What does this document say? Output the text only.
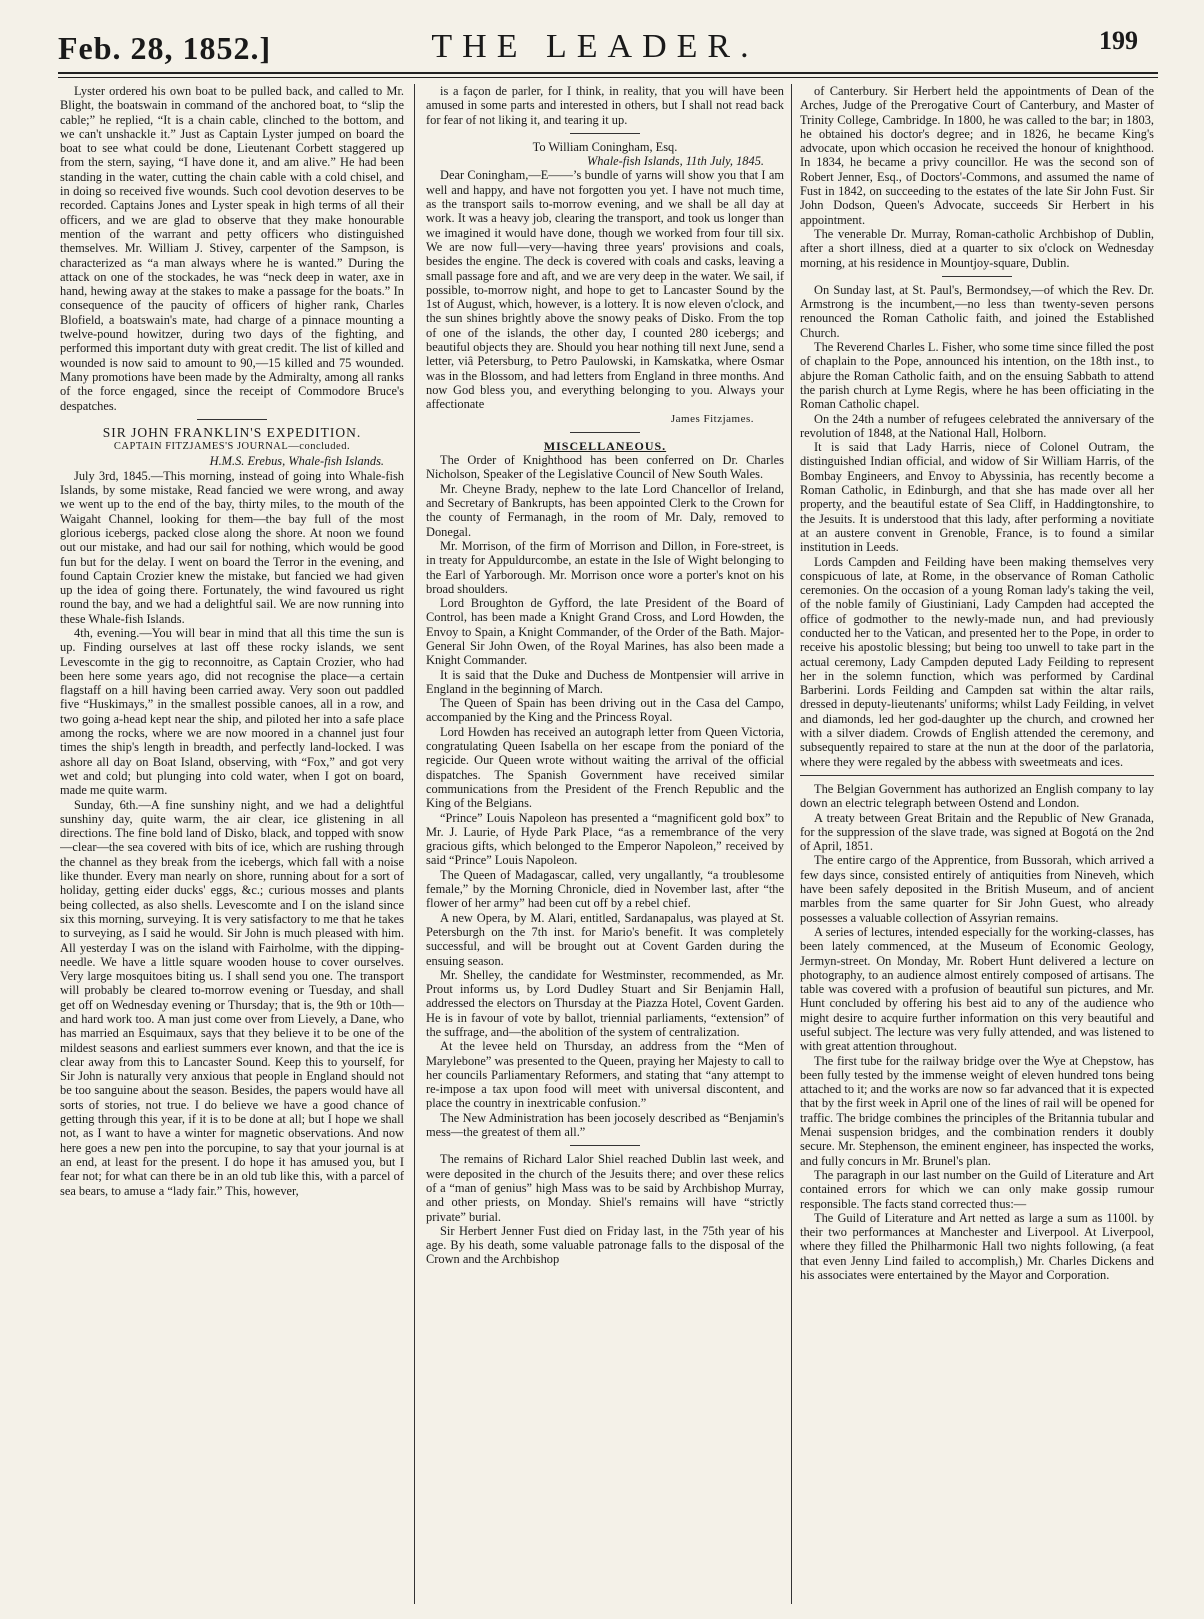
Feb. 28, 1852.]	THE LEADER.	199

Lyster ordered his own boat to be pulled back, and called to Mr. Blight, the boatswain in command of the anchored boat, to “slip the cable;” he replied, “It is a chain cable, clinched to the bottom, and we can't unshackle it.” Just as Captain Lyster jumped on board the boat to see what could be done, Lieutenant Corbett staggered up from the stern, saying, “I have done it, and am alive.” He had been standing in the water, cutting the chain cable with a cold chisel, and in doing so received five wounds. Such cool devotion deserves to be recorded. Captains Jones and Lyster speak in high terms of all their officers, and we are glad to observe that they make honourable mention of the warrant and petty officers who distinguished themselves. Mr. William J. Stivey, carpenter of the Sampson, is characterized as “a man always where he is wanted.” During the attack on one of the stockades, he was “neck deep in water, axe in hand, hewing away at the stakes to make a passage for the boats.” In consequence of the paucity of officers of higher rank, Charles Blofield, a boatswain's mate, had charge of a pinnace mounting a twelve-pound howitzer, during two days of the fighting, and performed this important duty with great credit. The list of killed and wounded is now said to amount to 90,—15 killed and 75 wounded. Many promotions have been made by the Admiralty, among all ranks of the force engaged, since the receipt of Commodore Bruce's despatches.

SIR JOHN FRANKLIN'S EXPEDITION.

CAPTAIN FITZJAMES'S JOURNAL—concluded.

H.M.S. Erebus, Whale-fish Islands.

July 3rd, 1845.—This morning, instead of going into Whale-fish Islands, by some mistake, Read fancied we were wrong, and away we went up to the end of the bay, thirty miles, to the mouth of the Waigaht Channel, looking for them—the bay full of the most glorious icebergs, packed close along the shore. At noon we found out our mistake, and had our sail for nothing, which would be good fun but for the delay. I went on board the Terror in the evening, and found Captain Crozier knew the mistake, but fancied we had given up the idea of going there. Fortunately, the wind favoured us right round the bay, and we had a delightful sail. We are now running into these Whale-fish Islands.

4th, evening.—You will bear in mind that all this time the sun is up. Finding ourselves at last off these rocky islands, we sent Levescomte in the gig to reconnoitre, as Captain Crozier, who had been here some years ago, did not recognise the place—a certain flagstaff on a hill having been carried away. Very soon out paddled five “Huskimays,” in the smallest possible canoes, all in a row, and two going a-head kept near the ship, and piloted her into a safe place among the rocks, where we are now moored in a channel just four times the ship's length in breadth, and perfectly land-locked. I was ashore all day on Boat Island, observing, with “Fox,” and got very wet and cold; but plunging into cold water, when I got on board, made me quite warm.

Sunday, 6th.—A fine sunshiny night, and we had a delightful sunshiny day, quite warm, the air clear, ice glistening in all directions. The fine bold land of Disko, black, and topped with snow—clear—the sea covered with bits of ice, which are rushing through the channel as they break from the icebergs, which fall with a noise like thunder. Every man nearly on shore, running about for a sort of holiday, getting eider ducks' eggs, &c.; curious mosses and plants being collected, as also shells. Levescomte and I on the island since six this morning, surveying. It is very satisfactory to me that he takes to surveying, as I said he would. Sir John is much pleased with him. All yesterday I was on the island with Fairholme, with the dipping-needle. We have a little square wooden house to cover ourselves. Very large mosquitoes biting us. I shall send you one. The transport will probably be cleared to-morrow evening or Tuesday, and shall get off on Wednesday evening or Thursday; that is, the 9th or 10th—and hard work too. A man just come over from Lievely, a Dane, who has married an Esquimaux, says that they believe it to be one of the mildest seasons and earliest summers ever known, and that the ice is clear away from this to Lancaster Sound. Keep this to yourself, for Sir John is naturally very anxious that people in England should not be too sanguine about the season. Besides, the papers would have all sorts of stories, not true. I do believe we have a good chance of getting through this year, if it is to be done at all; but I hope we shall not, as I want to have a winter for magnetic observations. And now here goes a new pen into the porcupine, to say that your journal is at an end, at least for the present. I do hope it has amused you, but I fear not; for what can there be in an old tub like this, with a parcel of sea bears, to amuse a “lady fair.” This, however,

is a façon de parler, for I think, in reality, that you will have been amused in some parts and interested in others, but I shall not read back for fear of not liking it, and tearing it up.

To William Coningham, Esq.

Whale-fish Islands, 11th July, 1845.

Dear Coningham,—E——’s bundle of yarns will show you that I am well and happy, and have not forgotten you yet. I have not much time, as the transport sails to-morrow evening, and we shall be all day at work. It was a heavy job, clearing the transport, and took us longer than we imagined it would have done, though we worked from four till six. We are now full—very—having three years' provisions and coals, besides the engine. The deck is covered with coals and casks, leaving a small passage fore and aft, and we are very deep in the water. We sail, if possible, to-morrow night, and hope to get to Lancaster Sound by the 1st of August, which, however, is a lottery. It is now eleven o'clock, and the sun shines brightly above the snowy peaks of Disko. From the top of one of the islands, the other day, I counted 280 icebergs; and beautiful objects they are. Should you hear nothing till next June, send a letter, viâ Petersburg, to Petro Paulowski, in Kamskatka, where Osmar was in the Blossom, and had letters from England in three months. And now God bless you, and everything belonging to you. Always your affectionate

James Fitzjames.

MISCELLANEOUS.

The Order of Knighthood has been conferred on Dr. Charles Nicholson, Speaker of the Legislative Council of New South Wales.

Mr. Cheyne Brady, nephew to the late Lord Chancellor of Ireland, and Secretary of Bankrupts, has been appointed Clerk to the Crown for the county of Fermanagh, in the room of Mr. Daly, removed to Donegal.

Mr. Morrison, of the firm of Morrison and Dillon, in Fore-street, is in treaty for Appuldurcombe, an estate in the Isle of Wight belonging to the Earl of Yarborough. Mr. Morrison once wore a porter's knot on his broad shoulders.

Lord Broughton de Gyfford, the late President of the Board of Control, has been made a Knight Grand Cross, and Lord Howden, the Envoy to Spain, a Knight Commander, of the Order of the Bath. Major-General Sir John Owen, of the Royal Marines, has also been made a Knight Commander.

It is said that the Duke and Duchess de Montpensier will arrive in England in the beginning of March.

The Queen of Spain has been driving out in the Casa del Campo, accompanied by the King and the Princess Royal.

Lord Howden has received an autograph letter from Queen Victoria, congratulating Queen Isabella on her escape from the poniard of the regicide. Our Queen wrote without waiting the arrival of the official dispatches. The Spanish Government have received similar communications from the President of the French Republic and the King of the Belgians.

“Prince” Louis Napoleon has presented a “magnificent gold box” to Mr. J. Laurie, of Hyde Park Place, “as a remembrance of the very gracious gifts, which belonged to the Emperor Napoleon,” received by said “Prince” Louis Napoleon.

The Queen of Madagascar, called, very ungallantly, “a troublesome female,” by the Morning Chronicle, died in November last, after “the flower of her army” had been cut off by a rebel chief.

A new Opera, by M. Alari, entitled, Sardanapalus, was played at St. Petersburgh on the 7th inst. for Mario's benefit. It was completely successful, and will be brought out at Covent Garden during the ensuing season.

Mr. Shelley, the candidate for Westminster, recommended, as Mr. Prout informs us, by Lord Dudley Stuart and Sir Benjamin Hall, addressed the electors on Thursday at the Piazza Hotel, Covent Garden. He is in favour of vote by ballot, triennial parliaments, “extension” of the suffrage, and—the abolition of the system of centralization.

At the levee held on Thursday, an address from the “Men of Marylebone” was presented to the Queen, praying her Majesty to call to her councils Parliamentary Reformers, and stating that “any attempt to re-impose a tax upon food will meet with universal discontent, and place the country in inextricable confusion.”

The New Administration has been jocosely described as “Benjamin's mess—the greatest of them all.”

The remains of Richard Lalor Shiel reached Dublin last week, and were deposited in the church of the Jesuits there; and over these relics of a “man of genius” high Mass was to be said by Archbishop Murray, and other priests, on Monday. Shiel's remains will have “strictly private” burial.

Sir Herbert Jenner Fust died on Friday last, in the 75th year of his age. By his death, some valuable patronage falls to the disposal of the Crown and the Archbishop

of Canterbury. Sir Herbert held the appointments of Dean of the Arches, Judge of the Prerogative Court of Canterbury, and Master of Trinity College, Cambridge. In 1800, he was called to the bar; in 1803, he obtained his doctor's degree; and in 1826, he became King's advocate, upon which occasion he received the honour of knighthood. In 1834, he became a privy councillor. He was the second son of Robert Jenner, Esq., of Doctors'-Commons, and assumed the name of Fust in 1842, on succeeding to the estates of the late Sir John Fust. Sir John Dodson, Queen's Advocate, succeeds Sir Herbert in his appointment.

The venerable Dr. Murray, Roman-catholic Archbishop of Dublin, after a short illness, died at a quarter to six o'clock on Wednesday morning, at his residence in Mountjoy-square, Dublin.

On Sunday last, at St. Paul's, Bermondsey,—of which the Rev. Dr. Armstrong is the incumbent,—no less than twenty-seven persons renounced the Roman Catholic faith, and joined the Established Church.

The Reverend Charles L. Fisher, who some time since filled the post of chaplain to the Pope, announced his intention, on the 18th inst., to abjure the Roman Catholic faith, and on the ensuing Sabbath to attend the parish church at Lyme Regis, where he has been officiating in the Roman Catholic chapel.

On the 24th a number of refugees celebrated the anniversary of the revolution of 1848, at the National Hall, Holborn.

It is said that Lady Harris, niece of Colonel Outram, the distinguished Indian official, and widow of Sir William Harris, of the Bombay Engineers, and Envoy to Abyssinia, has recently become a Roman Catholic, in Edinburgh, and that she has made over all her property, and the beautiful estate of Sea Cliff, in Haddingtonshire, to the Jesuits. It is understood that this lady, after performing a novitiate at an austere convent in Grenoble, France, is to found a similar institution in Leeds.

Lords Campden and Feilding have been making themselves very conspicuous of late, at Rome, in the observance of Roman Catholic ceremonies. On the occasion of a young Roman lady's taking the veil, of the noble family of Giustiniani, Lady Campden had accepted the office of godmother to the newly-made nun, and had previously conducted her to the Vatican, and presented her to the Pope, in order to receive his apostolic blessing; but being too unwell to take part in the actual ceremony, Lady Campden deputed Lady Feilding to represent her in the solemn function, which was performed by Cardinal Barberini. Lords Feilding and Campden sat within the altar rails, dressed in deputy-lieutenants' uniforms; whilst Lady Feilding, in velvet and diamonds, led her god-daughter up the church, and crowned her with a silver diadem. Crowds of English attended the ceremony, and subsequently repaired to stare at the nun at the door of the parlatoria, where they were regaled by the abbess with sweetmeats and ices.

The Belgian Government has authorized an English company to lay down an electric telegraph between Ostend and London.

A treaty between Great Britain and the Republic of New Granada, for the suppression of the slave trade, was signed at Bogotá on the 2nd of April, 1851.

The entire cargo of the Apprentice, from Bussorah, which arrived a few days since, consisted entirely of antiquities from Nineveh, which have been safely deposited in the British Museum, and of ancient marbles from the same quarter for Sir John Guest, who already possesses a valuable collection of Assyrian remains.

A series of lectures, intended especially for the working-classes, has been lately commenced, at the Museum of Economic Geology, Jermyn-street. On Monday, Mr. Robert Hunt delivered a lecture on photography, to an audience almost entirely composed of artisans. The table was covered with a profusion of beautiful sun pictures, and Mr. Hunt concluded by offering his best aid to any of the audience who might desire to acquire further information on this very beautiful and useful subject. The lecture was very fully attended, and was listened to with great attention throughout.

The first tube for the railway bridge over the Wye at Chepstow, has been fully tested by the immense weight of eleven hundred tons being attached to it; and the works are now so far advanced that it is expected that by the first week in April one of the lines of rail will be opened for traffic. The bridge combines the principles of the Britannia tubular and Menai suspension bridges, and the combination renders it doubly secure. Mr. Stephenson, the eminent engineer, has inspected the works, and fully concurs in Mr. Brunel's plan.

The paragraph in our last number on the Guild of Literature and Art contained errors for which we can only make gossip rumour responsible. The facts stand corrected thus:—

The Guild of Literature and Art netted as large a sum as 1100l. by their two performances at Manchester and Liverpool. At Liverpool, where they filled the Philharmonic Hall two nights following, (a feat that even Jenny Lind failed to accomplish,) Mr. Charles Dickens and his associates were entertained by the Mayor and Corporation.
